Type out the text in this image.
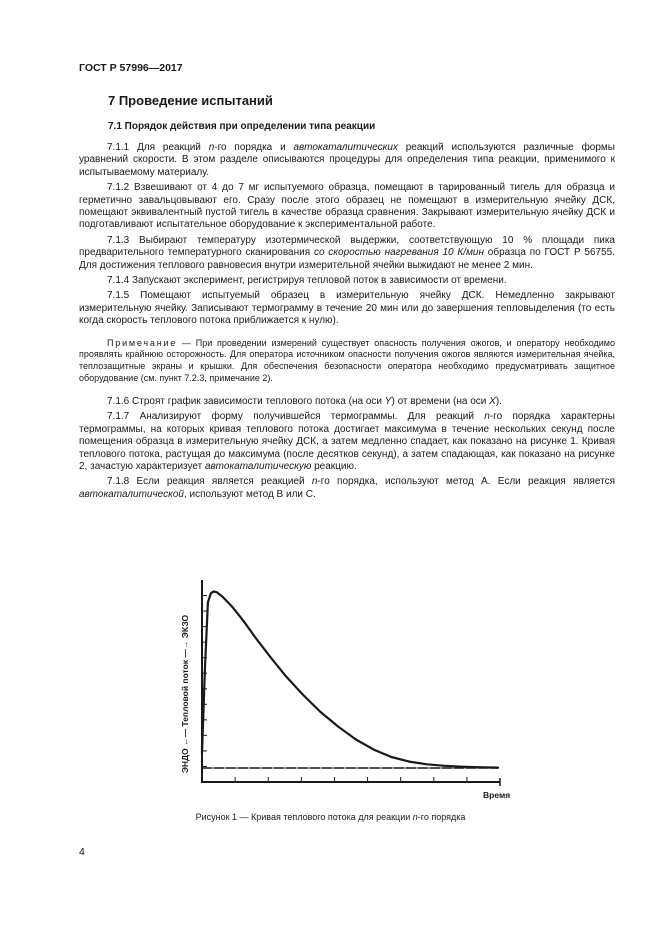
ГОСТ Р 57996—2017
7 Проведение испытаний
7.1 Порядок действия при определении типа реакции

7.1.1 Для реакций n-го порядка и автокаталитических реакций используются различные формы уравнений скорости. В этом разделе описываются процедуры для определения типа реакции, применимого к испытываемому материалу.

7.1.2 Взвешивают от 4 до 7 мг испытуемого образца, помещают в тарированный тигель для образца и герметично завальцовывают его. Сразу после этого образец не помещают в измерительную ячейку ДСК, помещают эквивалентный пустой тигель в качестве образца сравнения. Закрывают измерительную ячейку ДСК и подготавливают испытательное оборудование к экспериментальной работе.

7.1.3 Выбирают температуру изотермической выдержки, соответствующую 10 % площади пика предварительного температурного сканирования со скоростью нагревания 10 К/мин образца по ГОСТ Р 56755. Для достижения теплового равновесия внутри измерительной ячейки выжидают не менее 2 мин.

7.1.4 Запускают эксперимент, регистрируя тепловой поток в зависимости от времени.

7.1.5 Помещают испытуемый образец в измерительную ячейку ДСК. Немедленно закрывают измерительную ячейку. Записывают термограмму в течение 20 мин или до завершения тепловыделения (то есть когда скорость теплового потока приближается к нулю).

Примечание — При проведении измерений существует опасность получения ожогов, и оператору необходимо проявлять крайнюю осторожность. Для оператора источником опасности получения ожогов являются измерительная ячейка, теплозащитные экраны и крышки. Для обеспечения безопасности оператора необходимо предусматривать защитное оборудование (см. пункт 7.2.3, примечание 2).

7.1.6 Строят график зависимости теплового потока (на оси Y) от времени (на оси X).

7.1.7 Анализируют форму получившейся термограммы. Для реакций n-го порядка характерны термограммы, на которых кривая теплового потока достигает максимума в течение нескольких секунд после помещения образца в измерительную ячейку ДСК, а затем медленно спадает, как показано на рисунке 1. Кривая теплового потока, растущая до максимума (после десятков секунд), а затем спадающая, как показано на рисунке 2, зачастую характеризует автокаталитическую реакцию.

7.1.8 Если реакция является реакцией n-го порядка, используют метод А. Если реакция является автокаталитической, используют метод В или С.

ЭНДО ←— Тепловой поток —→ ЭКЗО
Время
Рисунок 1 — Кривая теплового потока для реакции n-го порядка
4
